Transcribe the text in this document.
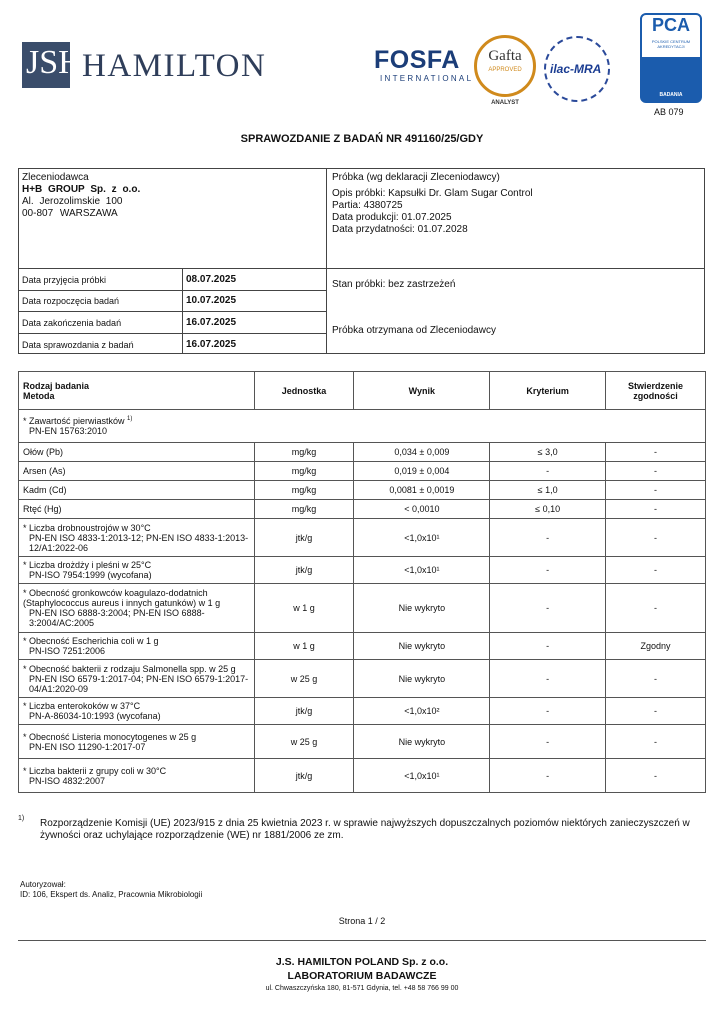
JSH HAMILTON	FOSFA
INTERNATIONAL
Gafta
APPROVED
ANALYST
ilac-MRA
PCA
POLSKIE CENTRUM AKREDYTACJI
BADANIA
AB 079
SPRAWOZDANIE Z BADAŃ NR 491160/25/GDY
Zleceniodawca
H+B GROUP Sp. z o.o.
Al. Jerozolimskie 100
00-807 WARSZAWA
Próbka (wg deklaracji Zleceniodawcy)
Opis próbki: Kapsułki Dr. Glam Sugar Control
Partia: 4380725
Data produkcji: 01.07.2025
Data przydatności: 01.07.2028
Stan próbki: bez zastrzeżeń
Próbka otrzymana od Zleceniodawcy
Data przyjęcia próbki	08.07.2025
Data rozpoczęcia badań	10.07.2025
Data zakończenia badań	16.07.2025
Data sprawozdania z badań	16.07.2025
Rodzaj badania
Metoda	Jednostka	Wynik	Kryterium	Stwierdzenie zgodności

* Zawartość pierwiastków $^{1)}$
PN-EN 15763:2010				

Ołów (Pb)	mg/kg	0,034 ± 0,009	≤ 3,0	-

Arsen (As)	mg/kg	0,019 ± 0,004	-	-

Kadm (Cd)	mg/kg	0,0081 ± 0,0019	≤ 1,0	-

Rtęć (Hg)	mg/kg	< 0,0010	≤ 0,10	-

* Liczba drobnoustrojów w 30°C
PN-EN ISO 4833-1:2013-12; PN-EN ISO 4833-1:2013-12/A1:2022-06	jtk/g	<1,0x10¹	-	-

* Liczba drożdży i pleśni w 25°C
PN-ISO 7954:1999 (wycofana)	jtk/g	<1,0x10¹	-	-

* Obecność gronkowców koagulazo-dodatnich (Staphylococcus aureus i innych gatunków) w 1 g
PN-EN ISO 6888-3:2004; PN-EN ISO 6888-3:2004/AC:2005	w 1 g	Nie wykryto	-	-

* Obecność Escherichia coli w 1 g
PN-ISO 7251:2006	w 1 g	Nie wykryto	-	Zgodny

* Obecność bakterii z rodzaju Salmonella spp. w 25 g
PN-EN ISO 6579-1:2017-04; PN-EN ISO 6579-1:2017-04/A1:2020-09	w 25 g	Nie wykryto	-	-

* Liczba enterokoków w 37°C
PN-A-86034-10:1993 (wycofana)	jtk/g	<1,0x10²	-	-

* Obecność Listeria monocytogenes w 25 g
PN-EN ISO 11290-1:2017-07	w 25 g	Nie wykryto	-	-

* Liczba bakterii z grupy coli w 30°C
PN-ISO 4832:2007	jtk/g	<1,0x10¹	-	-
1)	Rozporządzenie Komisji (UE) 2023/915 z dnia 25 kwietnia 2023 r. w sprawie najwyższych dopuszczalnych poziomów niektórych zanieczyszczeń w żywności oraz uchylające rozporządzenie (WE) nr 1881/2006 ze zm.
Autoryzował:
ID: 106, Ekspert ds. Analiz, Pracownia Mikrobiologii
Strona 1 / 2
J.S. HAMILTON POLAND Sp. z o.o.
LABORATORIUM BADAWCZE
ul. Chwaszczyńska 180, 81-571 Gdynia, tel. +48 58 766 99 00
